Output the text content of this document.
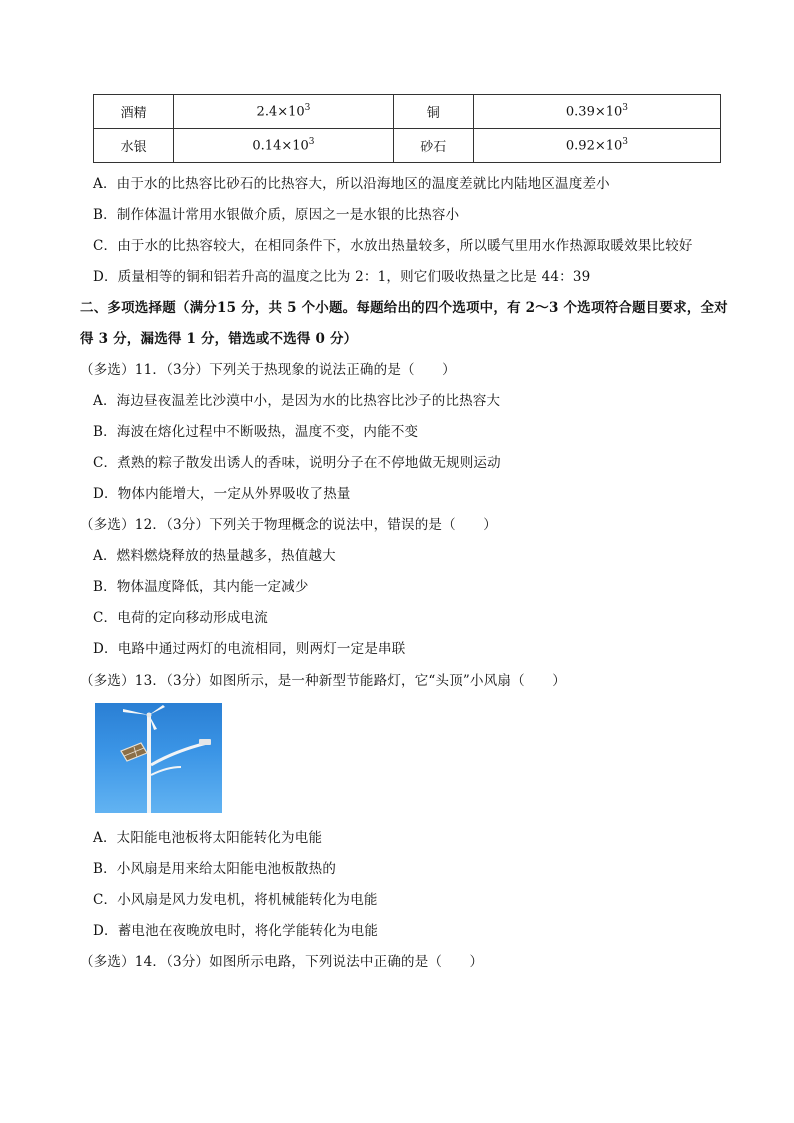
酒精	$2.4\times 10^3$	铜	$0.39\times 10^3$
水银	$0.14\times 10^3$	砂石	$0.92\times 10^3$
A．由于水的比热容比砂石的比热容大，所以沿海地区的温度差就比内陆地区温度差小
B．制作体温计常用水银做介质，原因之一是水银的比热容小
C．由于水的比热容较大，在相同条件下，水放出热量较多，所以暖气里用水作热源取暖效果比较好
D．质量相等的铜和铝若升高的温度之比为 2：1，则它们吸收热量之比是 44：39
二、多项选择题（满分15 分，共 5 个小题。每题给出的四个选项中，有 2～3 个选项符合题目要求，全对
得 3 分，漏选得 1 分，错选或不选得 0 分）
（多选）11．（3分）下列关于热现象的说法正确的是（　　）
A．海边昼夜温差比沙漠中小，是因为水的比热容比沙子的比热容大
B．海波在熔化过程中不断吸热，温度不变，内能不变
C．煮熟的粽子散发出诱人的香味，说明分子在不停地做无规则运动
D．物体内能增大，一定从外界吸收了热量
（多选）12．（3分）下列关于物理概念的说法中，错误的是（　　）
A．燃料燃烧释放的热量越多，热值越大
B．物体温度降低，其内能一定减少
C．电荷的定向移动形成电流
D．电路中通过两灯的电流相同，则两灯一定是串联
（多选）13．（3分）如图所示，是一种新型节能路灯，它“头顶”小风扇（　　）
A．太阳能电池板将太阳能转化为电能
B．小风扇是用来给太阳能电池板散热的
C．小风扇是风力发电机，将机械能转化为电能
D．蓄电池在夜晚放电时，将化学能转化为电能
（多选）14．（3分）如图所示电路，下列说法中正确的是（　　）
